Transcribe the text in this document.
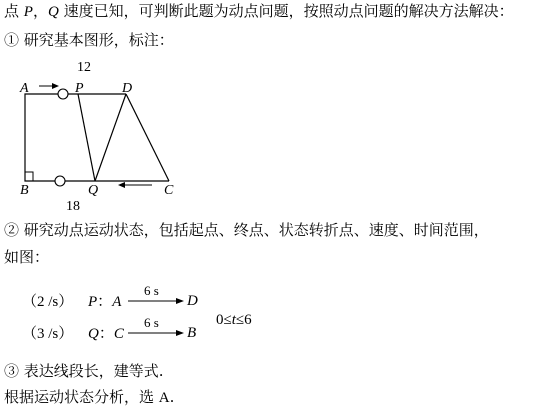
点 P，Q 速度已知，可判断此题为动点问题，按照动点问题的解决方法解决：
① 研究基本图形，标注：
A	P	D
B	Q	C
12
18
6 s
6 s
② 研究动点运动状态，包括起点、终点、状态转折点、速度、时间范围，
如图：
（2 /s） P：A	D
（3 /s） Q：C	B
0≤t≤6
③ 表达线段长，建等式.
根据运动状态分析，选 A.
